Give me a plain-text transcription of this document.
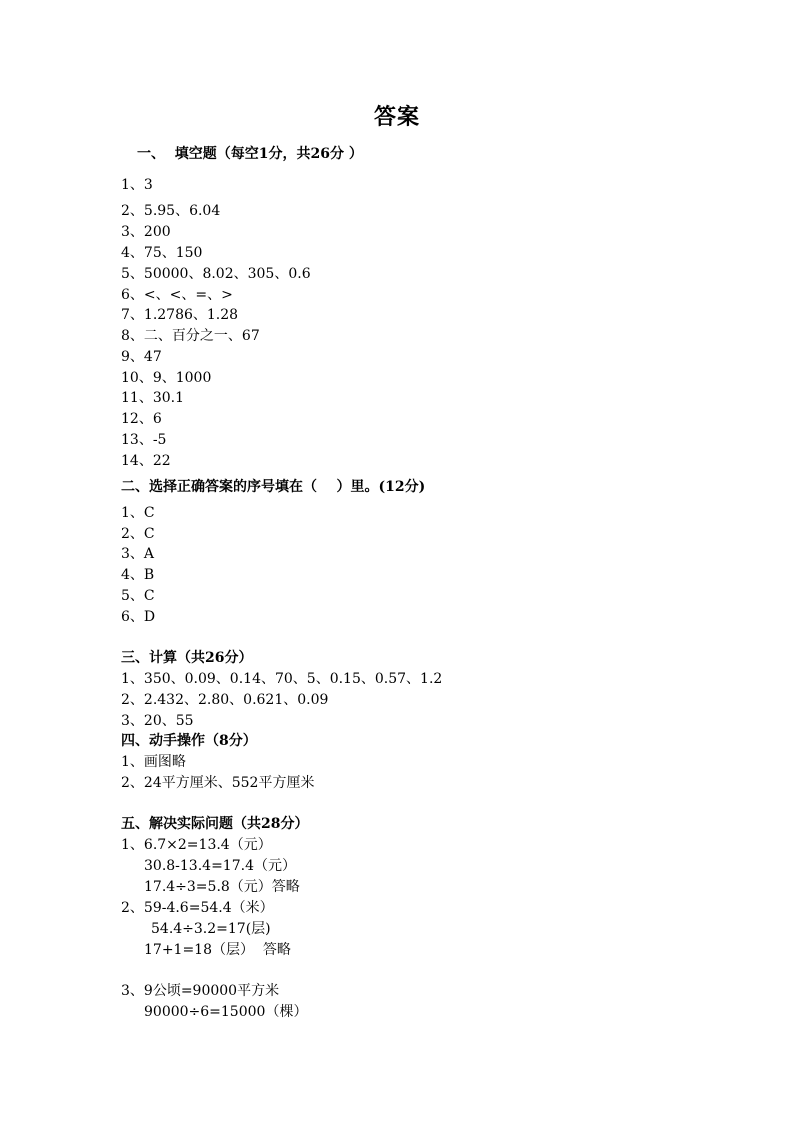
答案
一、  填空题（每空1分，共26分 ）
1、3
2、5.95、6.04
3、200
4、75、150
5、50000、8.02、305、0.6
6、<、<、=、>
7、1.2786、1.28
8、二、百分之一、67
9、47
10、9、1000
11、30.1
12、6
13、-5
14、22
二、选择正确答案的序号填在（    ）里。(12分)
1、C
2、C
3、A
4、B
5、C
6、D
三、计算（共26分）
1、350、0.09、0.14、70、5、0.15、0.57、1.2
2、2.432、2.80、0.621、0.09
3、20、55
四、动手操作（8分）
1、画图略
2、24平方厘米、552平方厘米
五、解决实际问题（共28分）
1、6.7×2=13.4（元）
30.8-13.4=17.4（元）
17.4÷3=5.8（元）答略
2、59-4.6=54.4（米）
54.4÷3.2=17(层)
17+1=18（层）  答略
3、9公顷=90000平方米
90000÷6=15000（棵）
